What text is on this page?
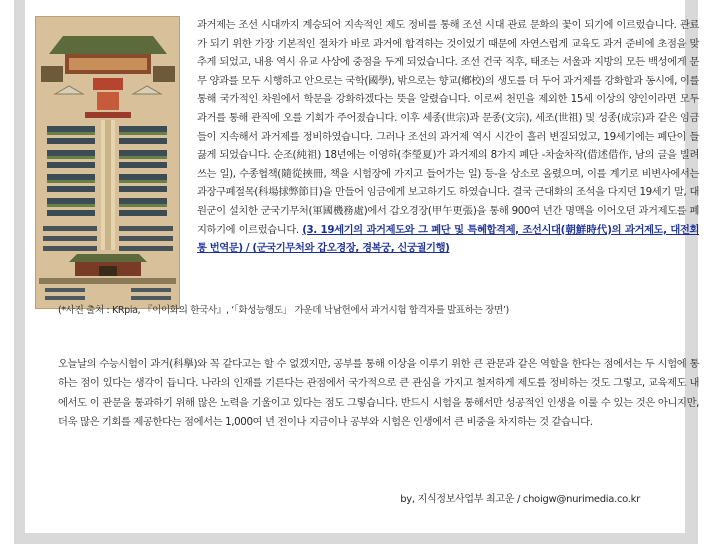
과거제는 조선 시대까지 계승되어 지속적인 제도 정비를 통해 조선 시대 관료 문화의 꽃이 되기에 이르렀습니다. 관료가 되기 위한 가장 기본적인 절차가 바로 과거에 합격하는 것이었기 때문에 자연스럽게 교육도 과거 준비에 초점을 맞추게 되었고, 내용 역시 유교 사상에 중점을 두게 되었습니다. 조선 건국 직후, 태조는 서울과 지방의 모든 백성에게 문무 양과를 모두 시행하고 안으로는 국학(國學), 밖으로는 향교(鄕校)의 생도를 더 두어 과거제를 강화할과 동시에, 이를 통해 국가적인 차원에서 학문을 강화하겠다는 뜻을 알렸습니다. 이로써 천민을 제외한 15세 이상의 양인이라면 모두 과거를 통해 관직에 오를 기회가 주어졌습니다. 이후 세종(世宗)과 문종(文宗), 세조(世祖) 및 성종(成宗)과 같은 임금들이 지속해서 과거제를 정비하였습니다. 그러나 조선의 과거제 역시 시간이 흘러 변질되었고, 19세기에는 폐단이 들끓게 되었습니다. 순조(純祖) 18년에는 이영하(李瑩夏)가 과거제의 8가지 폐단 -차술차작(借述借作, 남의 글을 빌려 쓰는 일), 수종협책(隨從挾冊, 책을 시험장에 가지고 들어가는 일) 등-을 상소로 올렸으며, 이를 계기로 비변사에서는 과장구폐절목(科場捄弊節目)을 만들어 임금에게 보고하기도 하였습니다. 결국 근대화의 조석을 다지던 19세기 말, 대원군이 설치한 군국기무처(軍國機務處)에서 갑오경장(甲午更張)을 통해 900여 년간 명맥을 이어오던 과거제도를 폐지하기에 이르렀습니다. (3. 19세기의 과거제도와 그 폐단 및 특혜합격제, 조선시대(朝鮮時代)의 과거제도, 대전회통 번역문) / (군국기무처와 갑오경장, 경복궁, 신궁궐기행)
(*사진 출처 : KRpia, 『이이화의 한국사』, ‘「화성능행도」 가운데 낙남헌에서 과거시험 합격자를 발표하는 장면’)
오늘날의 수능시험이 과거(科擧)와 꼭 같다고는 할 수 없겠지만, 공부를 통해 이상을 이루기 위한 큰 관문과 같은 역할을 한다는 점에서는 두 시험에 통하는 점이 있다는 생각이 듭니다. 나라의 인재를 기른다는 관점에서 국가적으로 큰 관심을 가지고 철저하게 제도를 정비하는 것도 그렇고, 교육제도 내에서도 이 관문을 통과하기 위해 많은 노력을 기울이고 있다는 점도 그렇습니다. 반드시 시험을 통해서만 성공적인 인생을 이룰 수 있는 것은 아니지만, 더욱 많은 기회를 제공한다는 점에서는 1,000여 년 전이나 지금이나 공부와 시험은 인생에서 큰 비중을 차지하는 것 같습니다.
by, 지식정보사업부 최고운 / choigw@nurimedia.co.kr
